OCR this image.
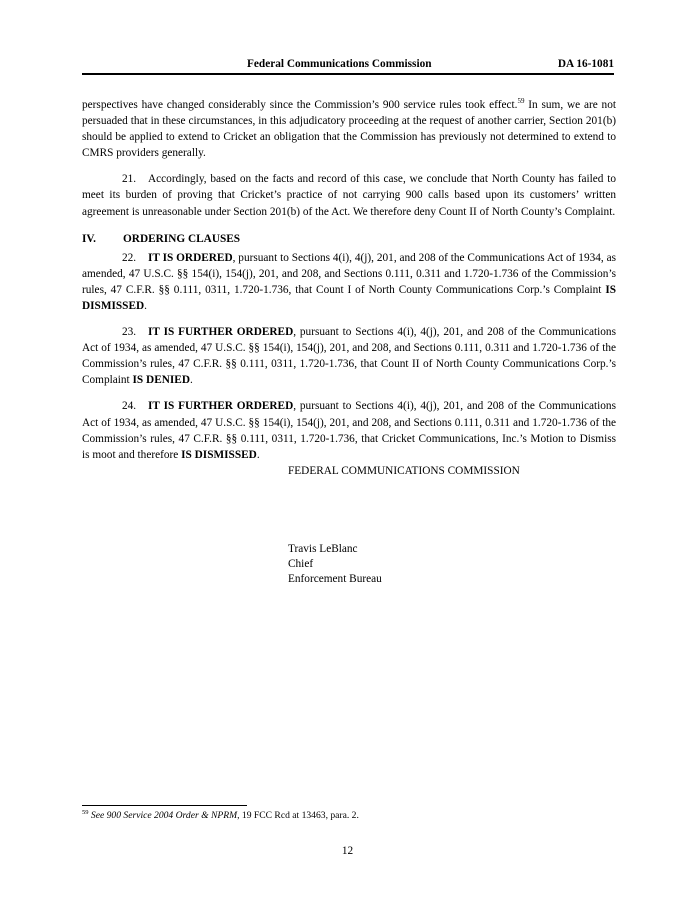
Federal Communications Commission	DA 16-1081

perspectives have changed considerably since the Commission’s 900 service rules took effect.$^{59}$ In sum, we are not persuaded that in these circumstances, in this adjudicatory proceeding at the request of another carrier, Section 201(b) should be applied to extend to Cricket an obligation that the Commission has previously not determined to extend to CMRS providers generally.

21. Accordingly, based on the facts and record of this case, we conclude that North County has failed to meet its burden of proving that Cricket’s practice of not carrying 900 calls based upon its customers’ written agreement is unreasonable under Section 201(b) of the Act. We therefore deny Count II of North County’s Complaint.

IV. ORDERING CLAUSES

22. IT IS ORDERED, pursuant to Sections 4(i), 4(j), 201, and 208 of the Communications Act of 1934, as amended, 47 U.S.C. §§ 154(i), 154(j), 201, and 208, and Sections 0.111, 0.311 and 1.720-1.736 of the Commission’s rules, 47 C.F.R. §§ 0.111, 0311, 1.720-1.736, that Count I of North County Communications Corp.’s Complaint IS DISMISSED.

23. IT IS FURTHER ORDERED, pursuant to Sections 4(i), 4(j), 201, and 208 of the Communications Act of 1934, as amended, 47 U.S.C. §§ 154(i), 154(j), 201, and 208, and Sections 0.111, 0.311 and 1.720-1.736 of the Commission’s rules, 47 C.F.R. §§ 0.111, 0311, 1.720-1.736, that Count II of North County Communications Corp.’s Complaint IS DENIED.

24. IT IS FURTHER ORDERED, pursuant to Sections 4(i), 4(j), 201, and 208 of the Communications Act of 1934, as amended, 47 U.S.C. §§ 154(i), 154(j), 201, and 208, and Sections 0.111, 0.311 and 1.720-1.736 of the Commission’s rules, 47 C.F.R. §§ 0.111, 0311, 1.720-1.736, that Cricket Communications, Inc.’s Motion to Dismiss is moot and therefore IS DISMISSED.

FEDERAL COMMUNICATIONS COMMISSION
Travis LeBlanc
Chief
Enforcement Bureau
$^{59}$ See 900 Service 2004 Order & NPRM, 19 FCC Rcd at 13463, para. 2.
12
